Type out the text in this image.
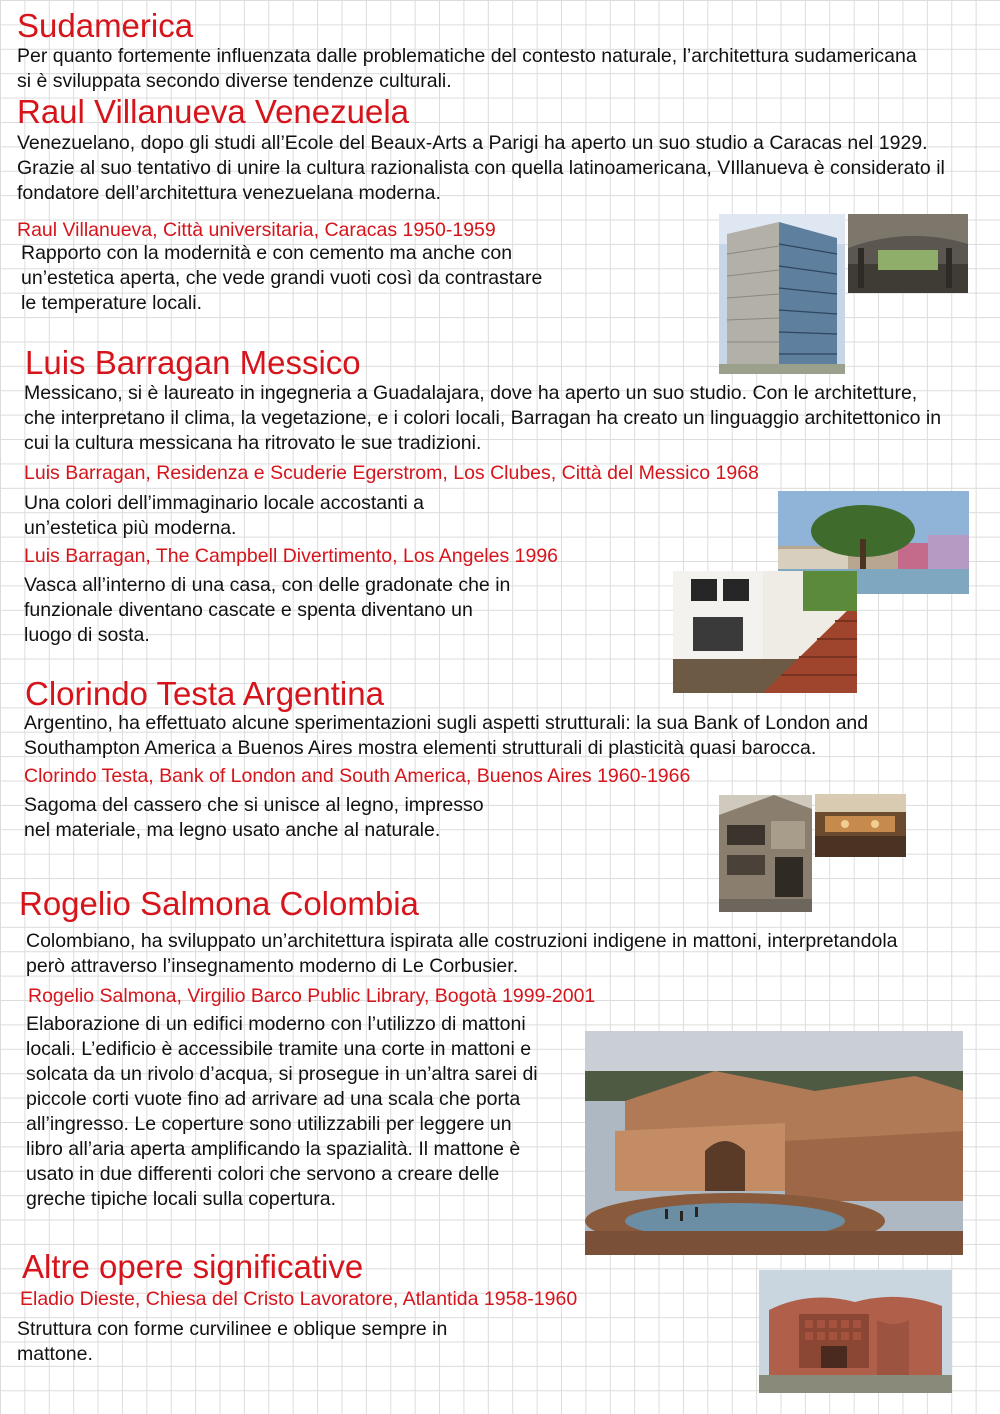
Sudamerica
Per quanto fortemente influenzata dalle problematiche del contesto naturale, l’architettura sudamericana si è sviluppata secondo diverse tendenze culturali.
Raul Villanueva Venezuela
Venezuelano, dopo gli studi all’Ecole del Beaux-Arts a Parigi ha aperto un suo studio a Caracas nel 1929. Grazie al suo tentativo di unire la cultura razionalista con quella latinoamericana, VIllanueva è considerato il fondatore dell’architettura venezuelana moderna.
Raul Villanueva, Città universitaria, Caracas 1950-1959
Rapporto con la modernità e con cemento ma anche con un’estetica aperta, che vede grandi vuoti così da contrastare le temperature locali.
Luis Barragan Messico
Messicano, si è laureato in ingegneria a Guadalajara, dove ha aperto un suo studio. Con le architetture, che interpretano il clima, la vegetazione, e i colori locali, Barragan ha creato un linguaggio architettonico in cui la cultura messicana ha ritrovato le sue tradizioni.
Luis Barragan, Residenza e Scuderie Egerstrom, Los Clubes, Città del Messico 1968
Una colori dell’immaginario locale accostanti a un’estetica più moderna.
Luis Barragan, The Campbell Divertimento, Los Angeles 1996
Vasca all’interno di una casa, con delle gradonate che in funzionale diventano cascate e spenta diventano un luogo di sosta.
Clorindo Testa Argentina
Argentino, ha effettuato alcune sperimentazioni sugli aspetti strutturali: la sua Bank of London and Southampton America a Buenos Aires mostra elementi strutturali di plasticità quasi barocca.
Clorindo Testa, Bank of London and South America, Buenos Aires 1960-1966
Sagoma del cassero che si unisce al legno, impresso nel materiale, ma legno usato anche al naturale.
Rogelio Salmona Colombia
Colombiano, ha sviluppato un’architettura ispirata alle costruzioni indigene in mattoni, interpretandola però attraverso l’insegnamento moderno di Le Corbusier.
Rogelio Salmona, Virgilio Barco Public Library, Bogotà 1999-2001
Elaborazione di un edifici moderno con l’utilizzo di mattoni locali. L’edificio è accessibile tramite una corte in mattoni e solcata da un rivolo d’acqua, si prosegue in un’altra sarei di piccole corti vuote fino ad arrivare ad una scala che porta all’ingresso. Le coperture sono utilizzabili per leggere un libro all’aria aperta amplificando la spazialità. Il mattone è usato in due differenti colori che servono a creare delle greche tipiche locali sulla copertura.
Altre opere significative
Eladio Dieste, Chiesa del Cristo Lavoratore, Atlantida 1958-1960
Struttura con forme curvilinee e oblique sempre in mattone.
